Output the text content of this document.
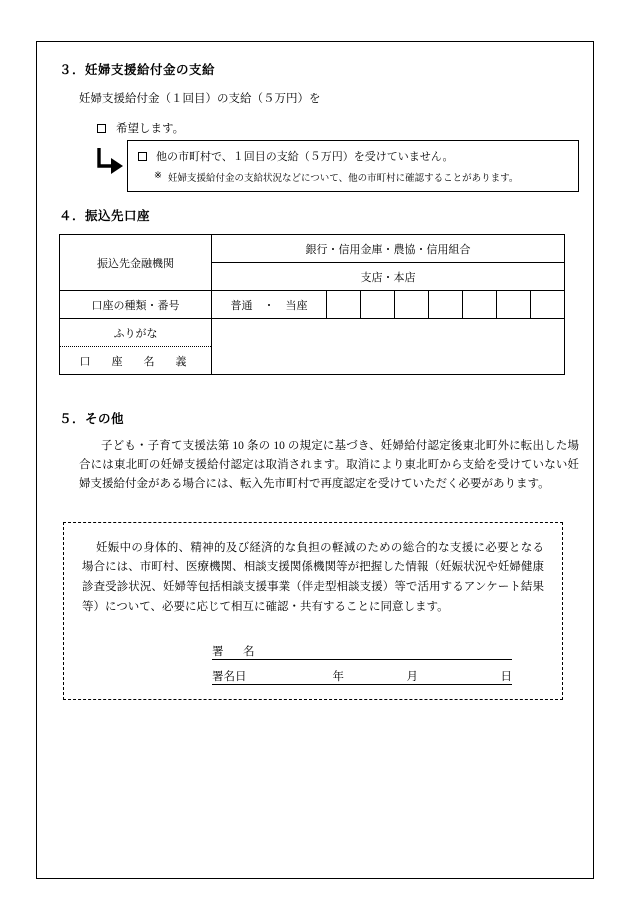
３．妊婦支援給付金の支給
妊婦支援給付金（１回目）の支給（５万円）を
希望します。
他の市町村で、１回目の支給（５万円）を受けていません。
※ 妊婦支援給付金の支給状況などについて、他の市町村に確認することがあります。
４．振込先口座
振込先金融機関	銀行・信用金庫・農協・信用組合							
	支店・本店							
口座の種類・番号	普通　・　当座							
ふりがな								
口　座　名　義								
５．その他
子ども・子育て支援法第 10 条の 10 の規定に基づき、妊婦給付認定後東北町外に転出した場合には東北町の妊婦支援給付認定は取消されます。取消により東北町から支給を受けていない妊婦支援給付金がある場合には、転入先市町村で再度認定を受けていただく必要があります。

妊娠中の身体的、精神的及び経済的な負担の軽減のための総合的な支援に必要となる場合には、市町村、医療機関、相談支援関係機関等が把握した情報（妊娠状況や妊婦健康診査受診状況、妊婦等包括相談支援事業（伴走型相談支援）等で活用するアンケート結果等）について、必要に応じて相互に確認・共有することに同意します。

署　名
署名日	年	月	日
